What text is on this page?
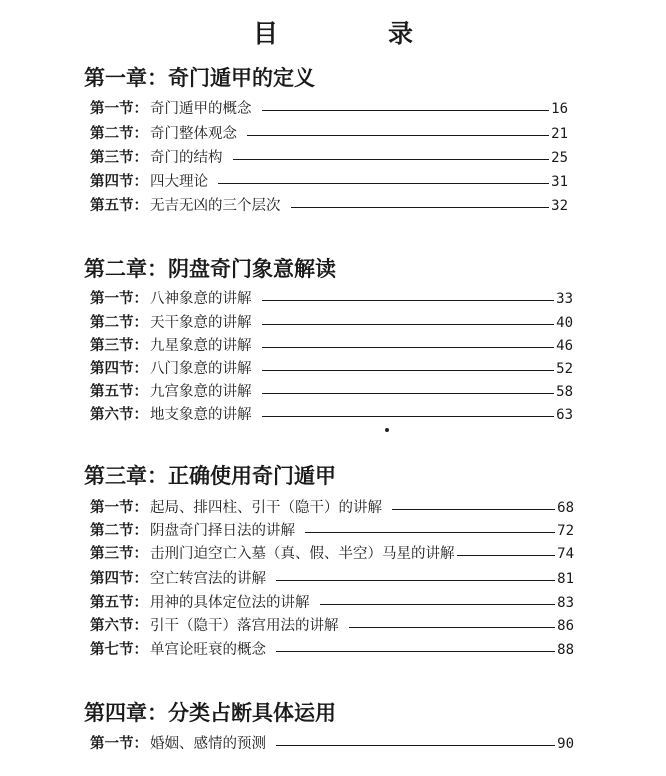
目	录
第一章：奇门遁甲的定义
第一节： 奇门遁甲的概念	16
第二节： 奇门整体观念	21
第三节： 奇门的结构	25
第四节： 四大理论	31
第五节： 无吉无凶的三个层次	32
第二章：阴盘奇门象意解读
第一节： 八神象意的讲解	33
第二节： 天干象意的讲解	40
第三节： 九星象意的讲解	46
第四节： 八门象意的讲解	52
第五节： 九宫象意的讲解	58
第六节： 地支象意的讲解	63
第三章：正确使用奇门遁甲
第一节： 起局、排四柱、引干（隐干）的讲解	68
第二节： 阴盘奇门择日法的讲解	72
第三节： 击刑门迫空亡入墓（真、假、半空）马星的讲解	74
第四节： 空亡转宫法的讲解	81
第五节： 用神的具体定位法的讲解	83
第六节： 引干（隐干）落宫用法的讲解	86
第七节： 单宫论旺衰的概念	88
第四章：分类占断具体运用
第一节： 婚姻、感情的预测	90
